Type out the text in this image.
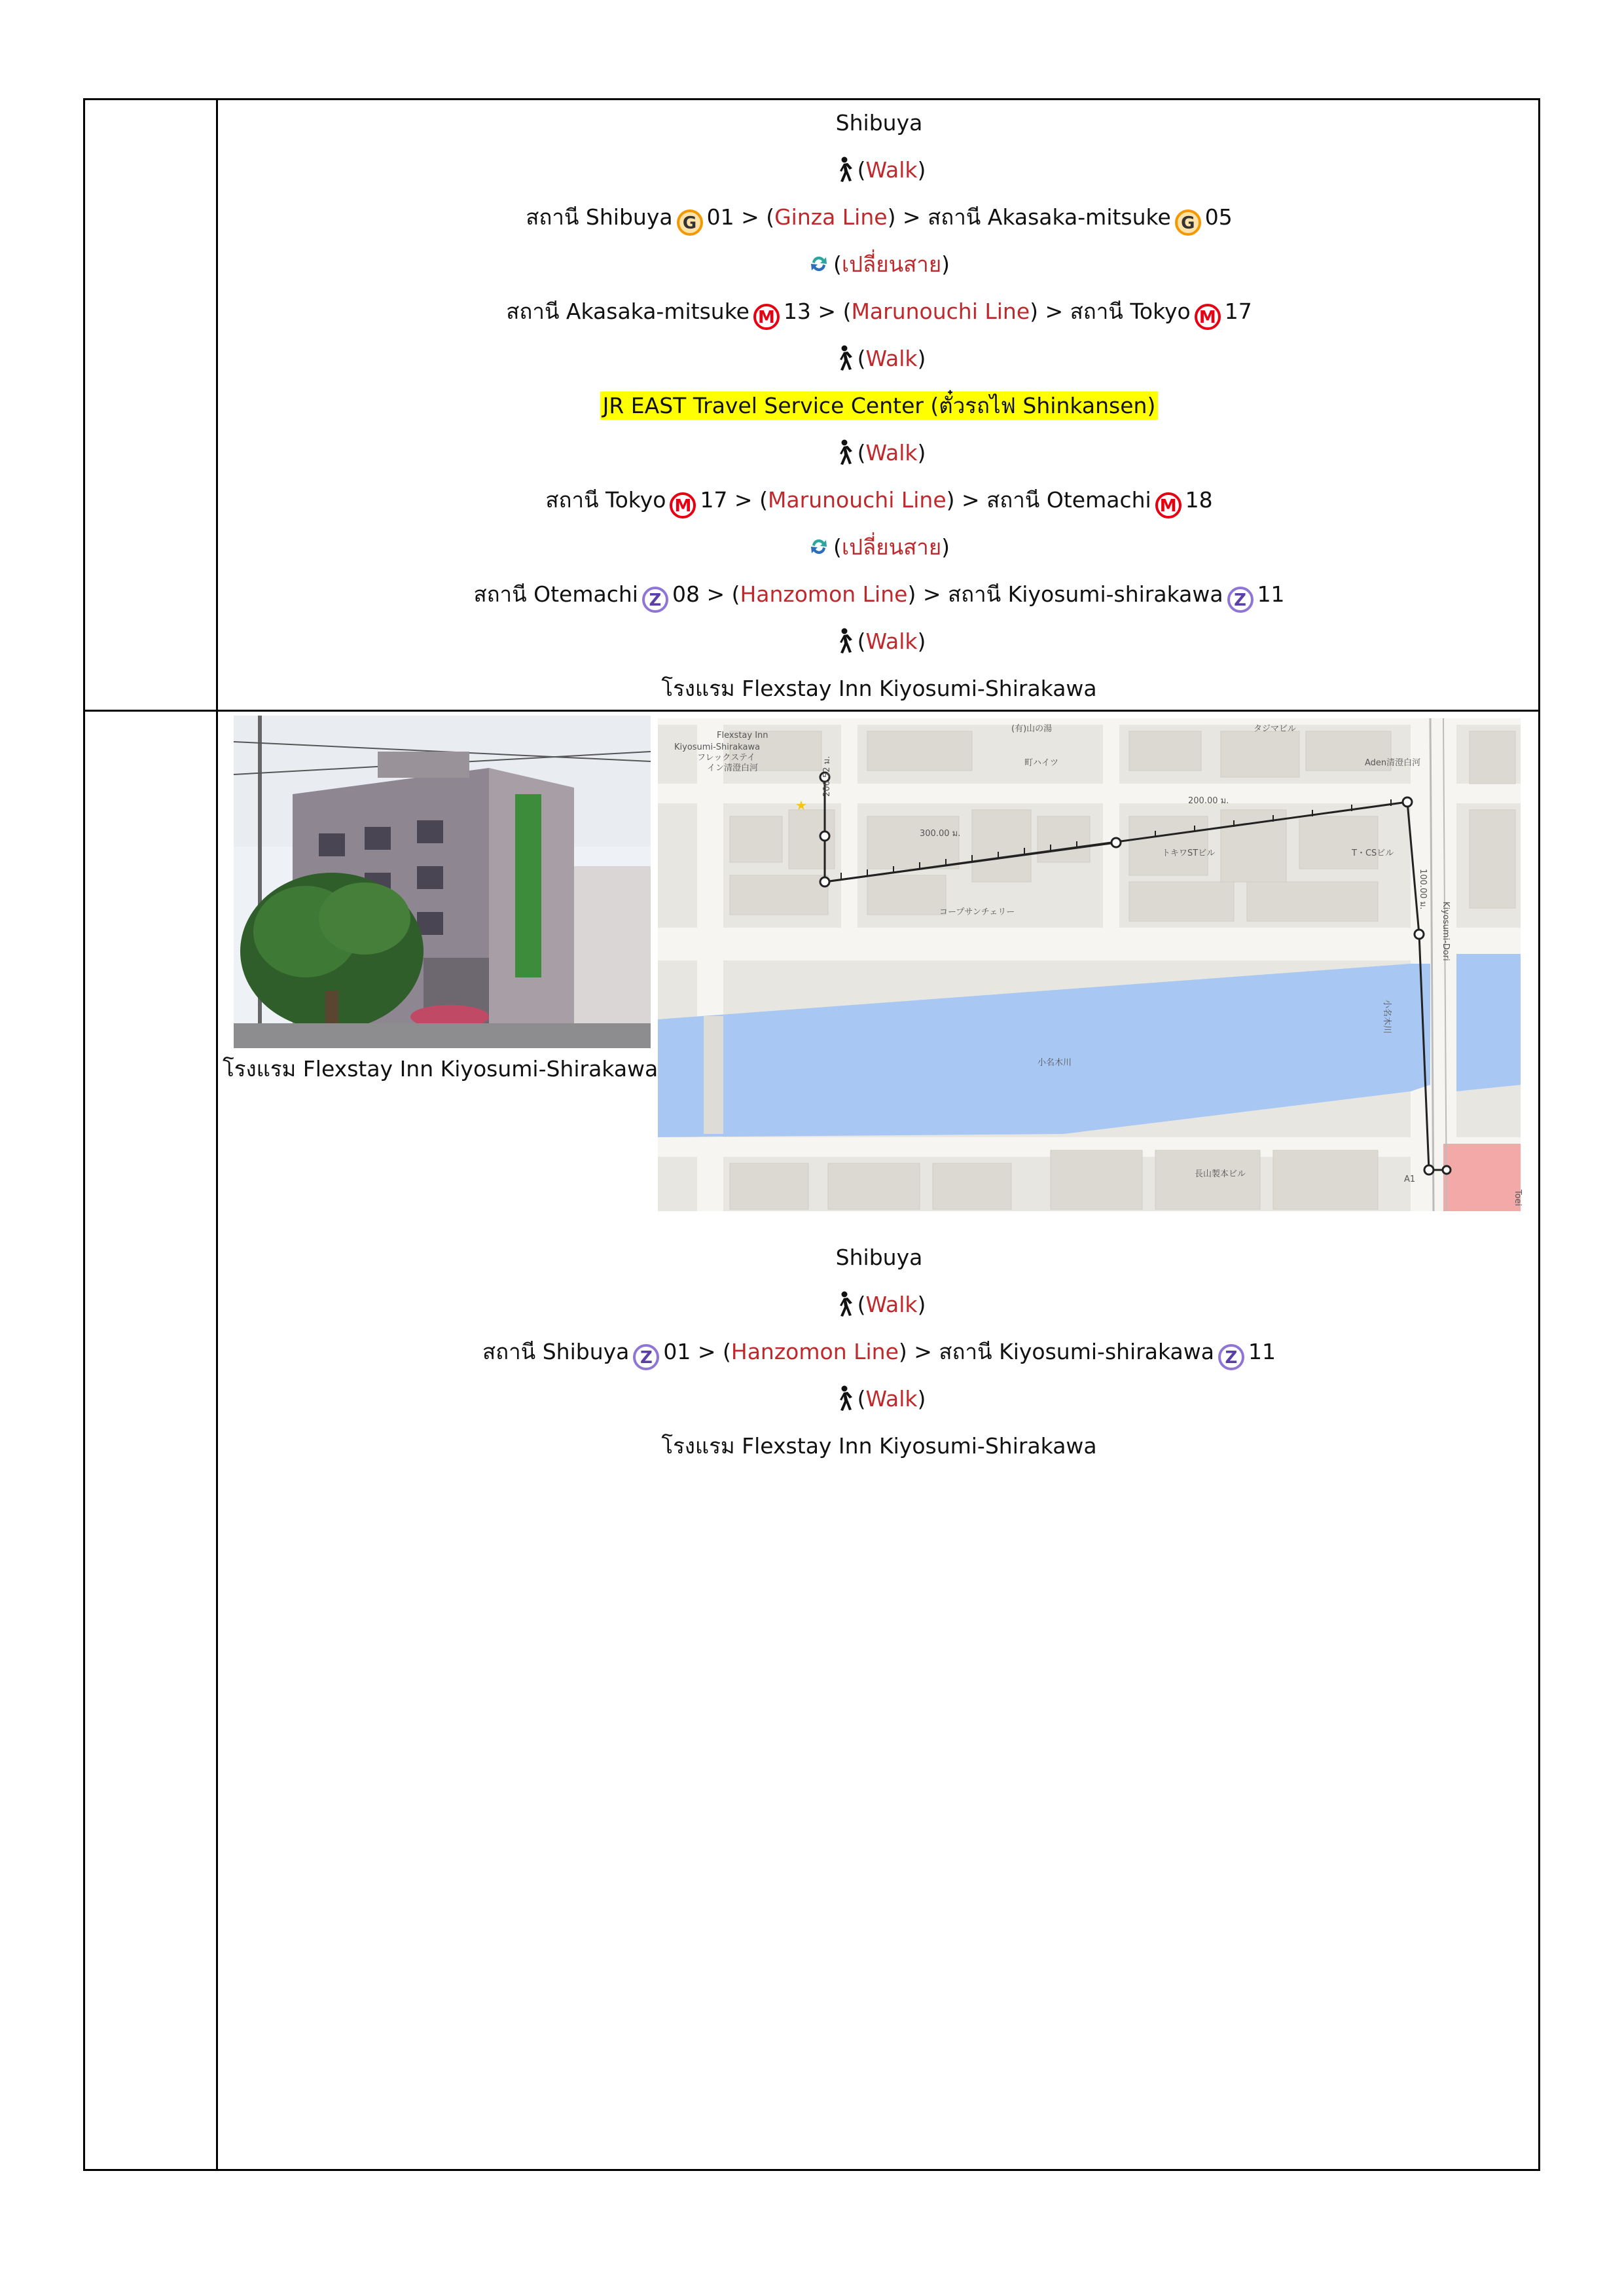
Shibuya
(Walk)
สถานี Shibuya G 01 > (Ginza Line) > สถานี Akasaka-mitsuke G 05
(เปลี่ยนสาย)
สถานี Akasaka-mitsuke M 13 > (Marunouchi Line) > สถานี Tokyo M 17
(Walk)
JR EAST Travel Service Center (ตั๋วรถไฟ Shinkansen)
(Walk)
สถานี Tokyo M 17 > (Marunouchi Line) > สถานี Otemachi M 18
(เปลี่ยนสาย)
สถานี Otemachi Z 08 > (Hanzomon Line) > สถานี Kiyosumi-shirakawa Z 11
(Walk)
โรงแรม Flexstay Inn Kiyosumi-Shirakawa
โรงแรม Flexstay Inn Kiyosumi-Shirakawa
★
Flexstay Inn
Kiyosumi-Shirakawa
フレックステイ
イン清澄白河
300.00 ม.
200.00 ม.
100.00 ม.
206.52 ม.
(有)山の湯	タジマビル
Aden清澄白河
町ハイツ
トキワSTビル	T・CSビル
コープサンチェリー
長山製本ビル
A1
Toei
小名木川
小名木川
Kiyosumi-Dori
Shibuya
(Walk)
สถานี Shibuya Z 01 > (Hanzomon Line) > สถานี Kiyosumi-shirakawa Z 11
(Walk)
โรงแรม Flexstay Inn Kiyosumi-Shirakawa
